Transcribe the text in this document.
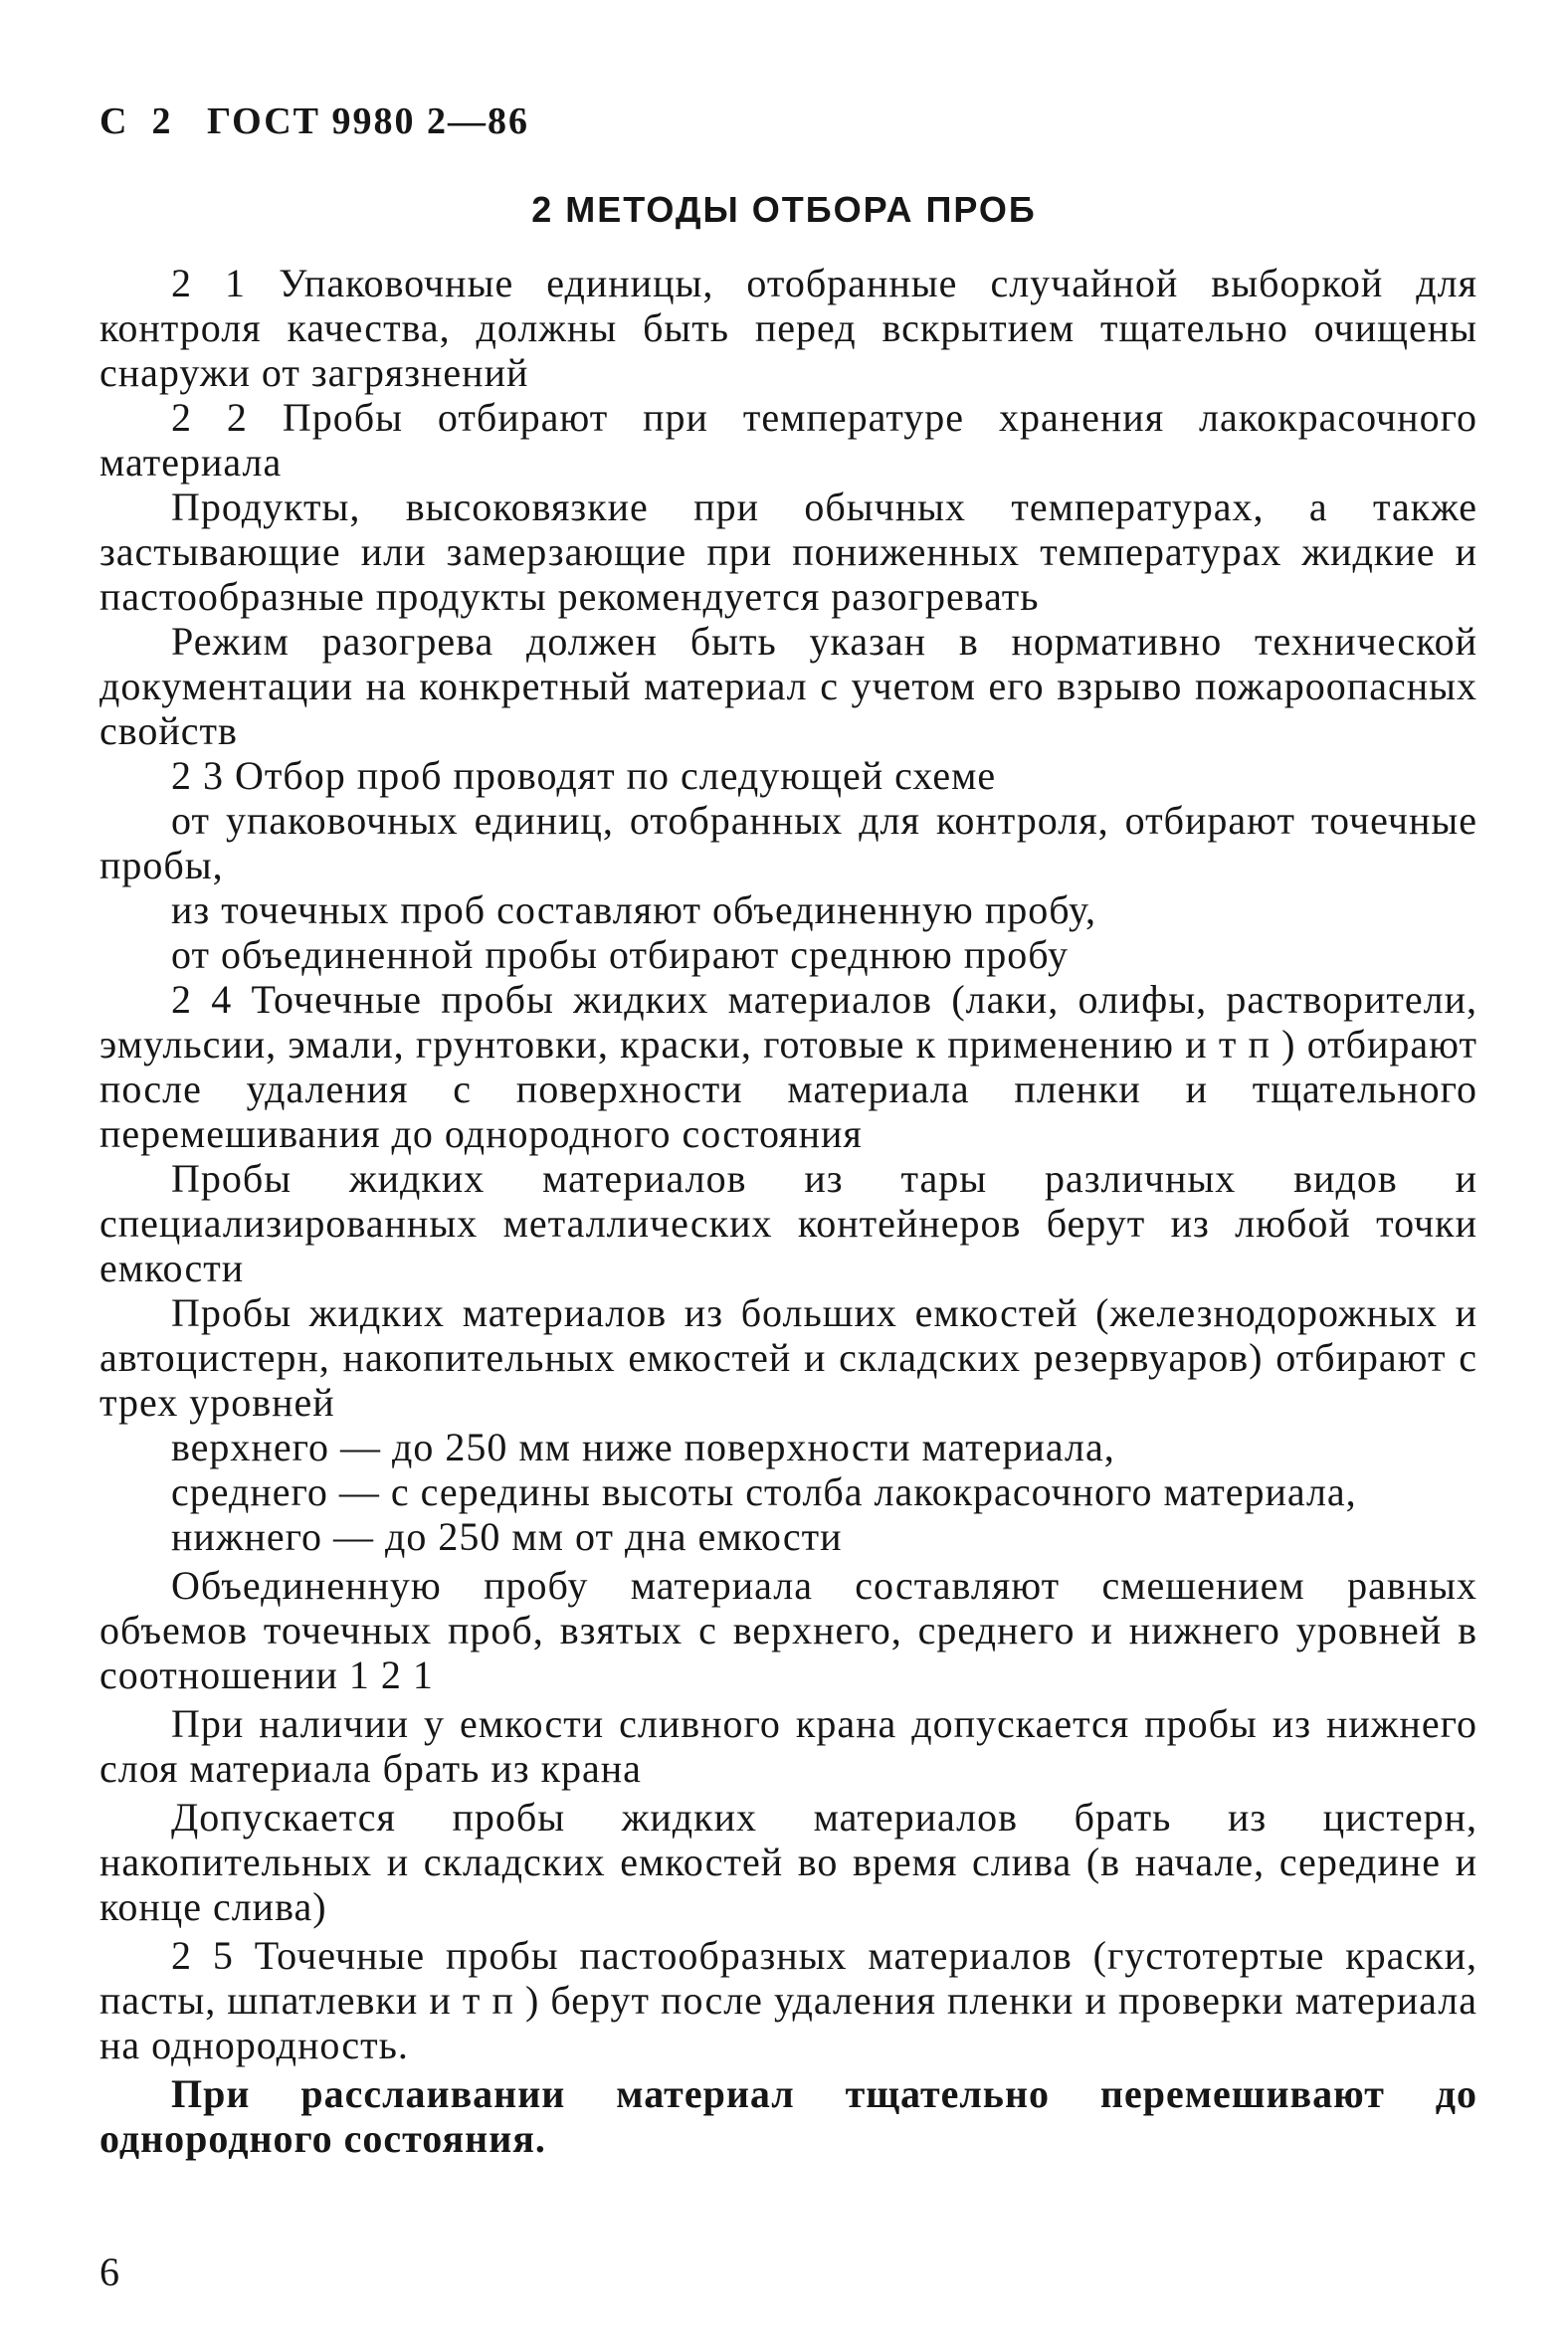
С  2   ГОСТ 9980 2—86
2 МЕТОДЫ ОТБОРА ПРОБ

2 1 Упаковочные единицы, отобранные случайной выборкой для контроля качества, должны быть перед вскрытием тщательно очищены снаружи от загрязнений

2 2 Пробы отбирают при температуре хранения лакокрасочного материала

Продукты, высоковязкие при обычных температурах, а также застывающие или замерзающие при пониженных температурах жидкие и пастообразные продукты рекомендуется разогревать

Режим разогрева должен быть указан в нормативно технической документации на конкретный материал с учетом его взрыво пожароопасных свойств

2 3 Отбор проб проводят по следующей схеме

от упаковочных единиц, отобранных для контроля, отбирают точечные пробы,

из точечных проб составляют объединенную пробу,

от объединенной пробы отбирают среднюю пробу

2 4 Точечные пробы жидких материалов (лаки, олифы, растворители, эмульсии, эмали, грунтовки, краски, готовые к применению и т п ) отбирают после удаления с поверхности материала пленки и тщательного перемешивания до однородного состояния

Пробы жидких материалов из тары различных видов и специализированных металлических контейнеров берут из любой точки емкости

Пробы жидких материалов из больших емкостей (железнодорожных и автоцистерн, накопительных емкостей и складских резервуаров) отбирают с трех уровней

верхнего — до 250 мм ниже поверхности материала,

среднего — с середины высоты столба лакокрасочного материала,

нижнего — до 250 мм от дна емкости

Объединенную пробу материала составляют смешением равных объемов точечных проб, взятых с верхнего, среднего и нижнего уровней в соотношении 1 2 1

При наличии у емкости сливного крана допускается пробы из нижнего слоя материала брать из крана

Допускается пробы жидких материалов брать из цистерн, накопительных и складских емкостей во время слива (в начале, середине и конце слива)

2 5 Точечные пробы пастообразных материалов (густотертые краски, пасты, шпатлевки и т п ) берут после удаления пленки и проверки материала на однородность.

При расслаивании материал тщательно перемешивают до однородного состояния.

6
